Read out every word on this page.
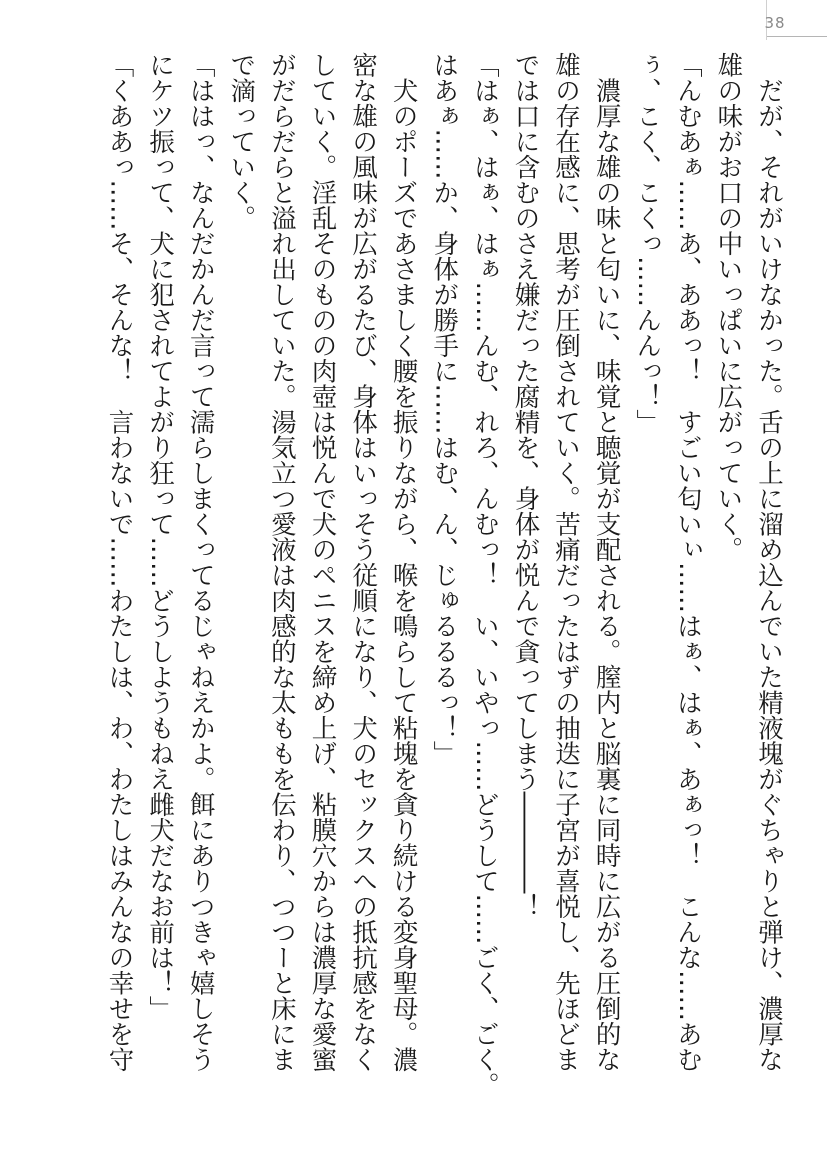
38
　だが、それがいけなかった。舌の上に溜め込んでいた精液塊がぐちゃりと弾け、濃厚な
雄の味がお口の中いっぱいに広がっていく。
「んむあぁ……あ、ああっ！　すごい匂いぃ……はぁ、はぁ、あぁっ！　こんな……あむ
ぅ、こく、こくっ……んんっ！」
　濃厚な雄の味と匂いに、味覚と聴覚が支配される。膣内と脳裏に同時に広がる圧倒的な
雄の存在感に、思考が圧倒されていく。苦痛だったはずの抽迭に子宮が喜悦し、先ほどま
では口に含むのさえ嫌だった腐精を、身体が悦んで貪ってしまう――――！
「はぁ、はぁ、はぁ……んむ、れろ、んむっ！　い、いやっ……どうして……ごく、ごく。
はあぁ……か、身体が勝手に……はむ、ん、じゅるるるっ！」
　犬のポーズであさましく腰を振りながら、喉を鳴らして粘塊を貪り続ける変身聖母。濃
密な雄の風味が広がるたび、身体はいっそう従順になり、犬のセックスへの抵抗感をなく
していく。淫乱そのものの肉壺は悦んで犬のペニスを締め上げ、粘膜穴からは濃厚な愛蜜
がだらだらと溢れ出していた。湯気立つ愛液は肉感的な太ももを伝わり、つつーと床にま
で滴っていく。
「ははっ、なんだかんだ言って濡らしまくってるじゃねえかよ。餌にありつきゃ嬉しそう
にケツ振って、犬に犯されてよがり狂って……どうしようもねえ雌犬だなお前は！」
「くああっ……そ、そんな！　言わないで……わたしは、わ、わたしはみんなの幸せを守
